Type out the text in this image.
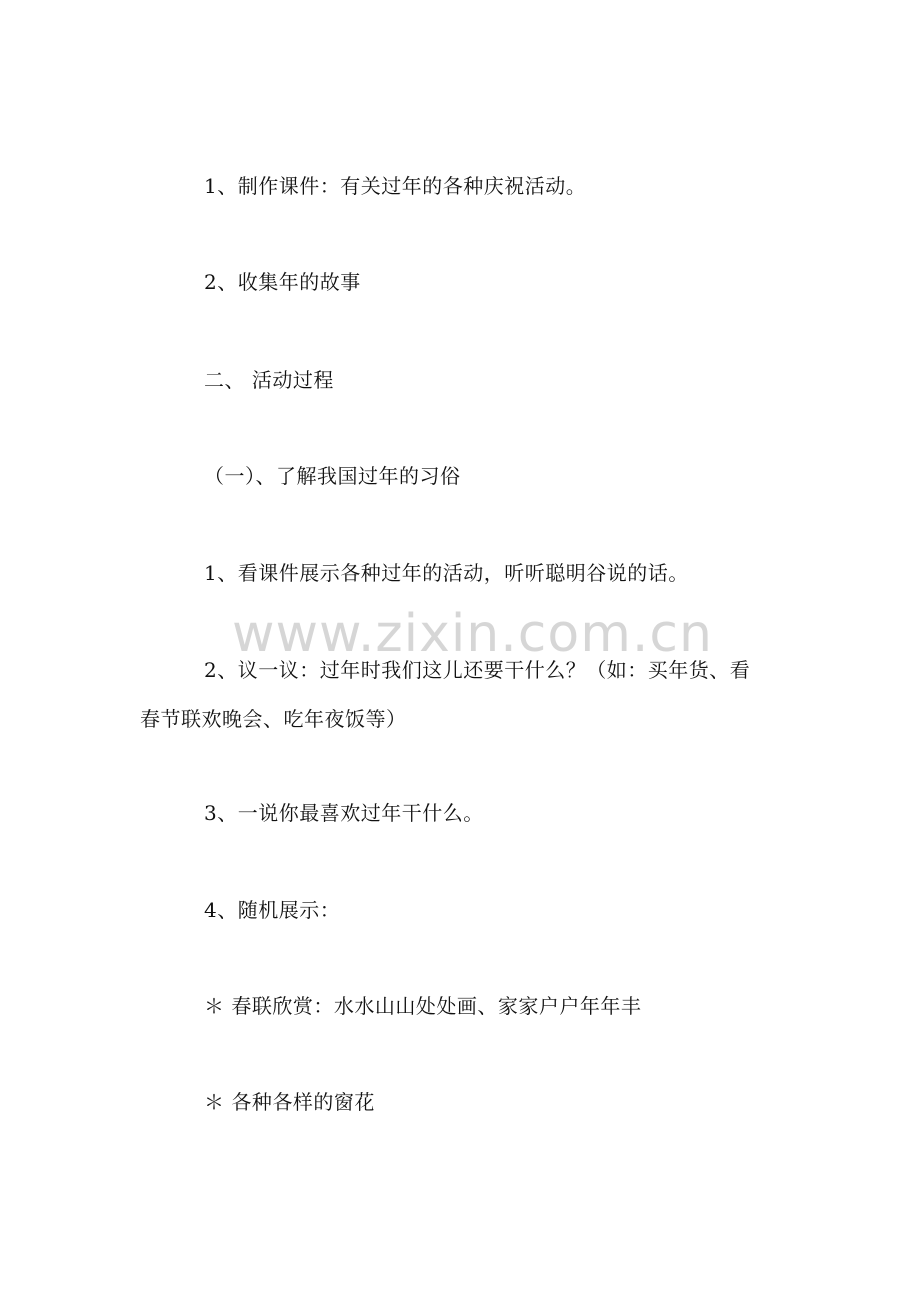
1、制作课件：有关过年的各种庆祝活动。
2、收集年的故事
二、 活动过程
（一）、了解我国过年的习俗
1、看课件展示各种过年的活动，听听聪明谷说的话。
www.zixin.com.cn
2、议一议：过年时我们这儿还要干什么？（如：买年货、看
春节联欢晚会、吃年夜饭等）
3、一说你最喜欢过年干什么。
4、随机展示：
＊ 春联欣赏：水水山山处处画、家家户户年年丰
＊ 各种各样的窗花
